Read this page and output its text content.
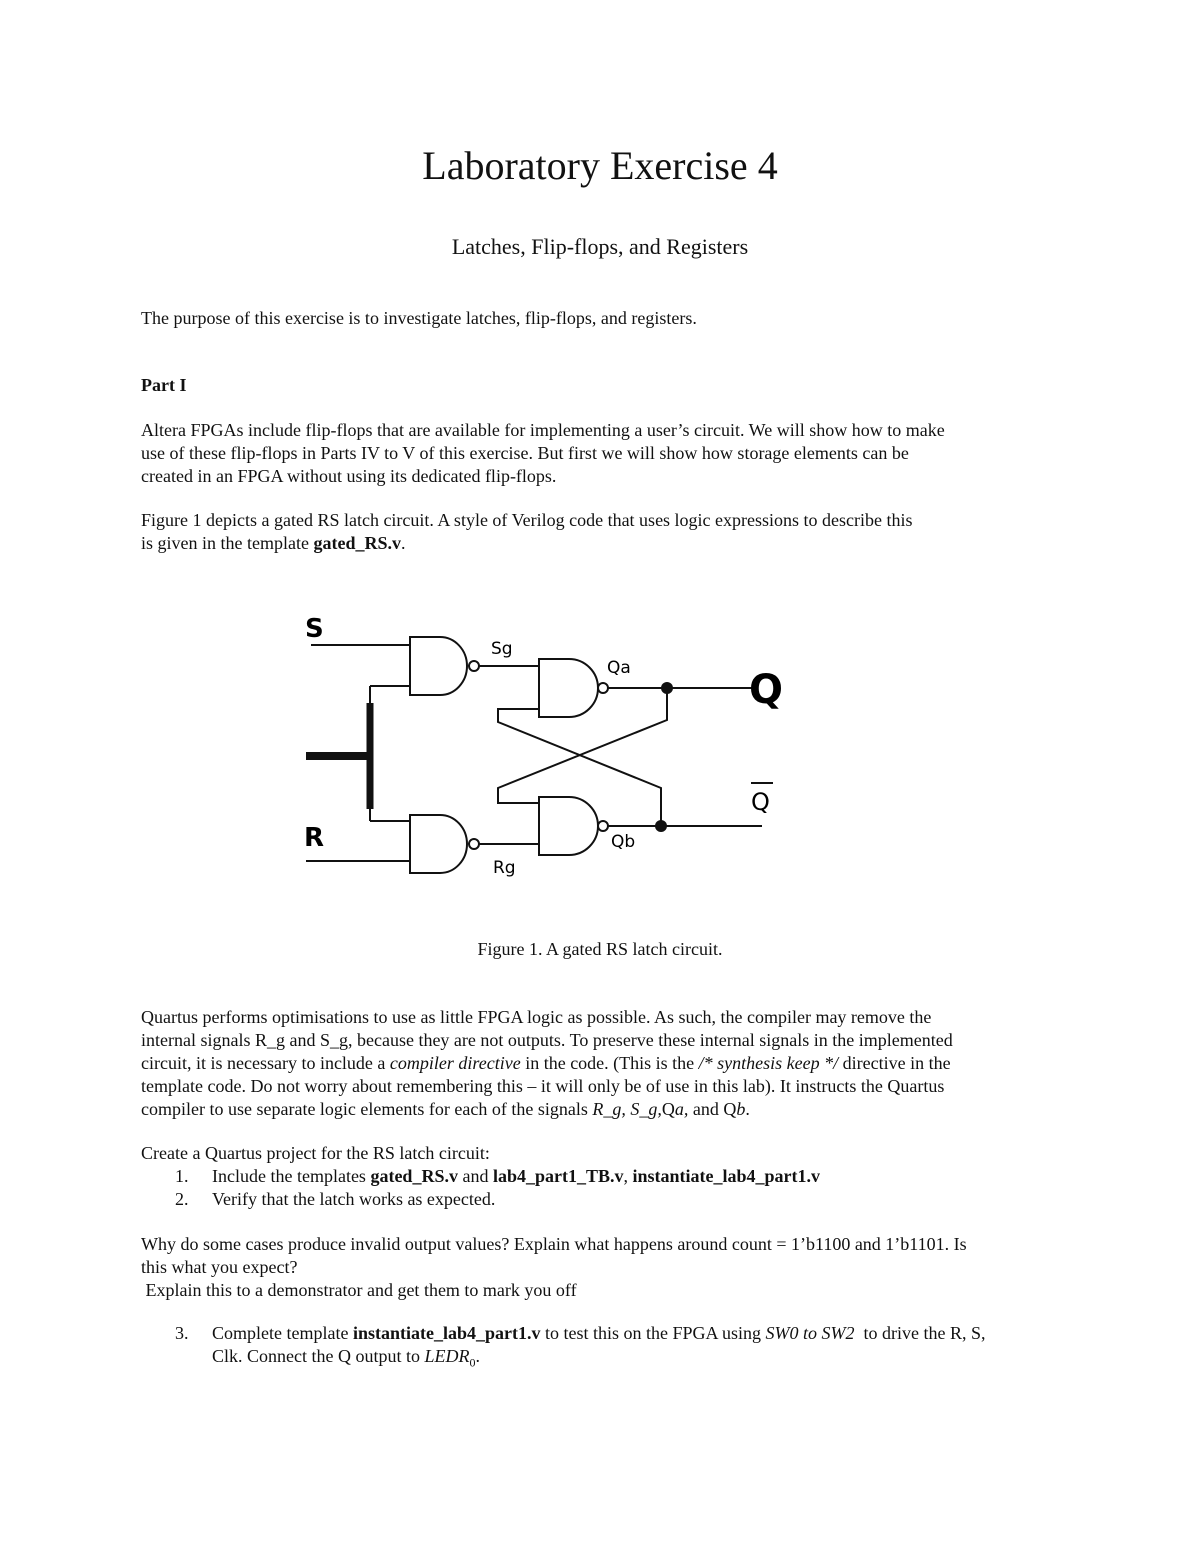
Laboratory Exercise 4
Latches, Flip-flops, and Registers
The purpose of this exercise is to investigate latches, flip-flops, and registers.
Part I
Altera FPGAs include flip-flops that are available for implementing a user’s circuit. We will show how to make
use of these flip-flops in Parts IV to V of this exercise. But first we will show how storage elements can be
created in an FPGA without using its dedicated flip-flops.
Figure 1 depicts a gated RS latch circuit. A style of Verilog code that uses logic expressions to describe this
is given in the template gated_RS.v.
S
R
Sg
Rg
Qa
Qb
Q
Q
Figure 1. A gated RS latch circuit.
Quartus performs optimisations to use as little FPGA logic as possible. As such, the compiler may remove the
internal signals R_g and S_g, because they are not outputs. To preserve these internal signals in the implemented
circuit, it is necessary to include a compiler directive in the code. (This is the /* synthesis keep */ directive in the
template code. Do not worry about remembering this – it will only be of use in this lab). It instructs the Quartus
compiler to use separate logic elements for each of the signals R_g, S_g,Qa, and Qb.
Create a Quartus project for the RS latch circuit:
1. Include the templates gated_RS.v and lab4_part1_TB.v, instantiate_lab4_part1.v
2. Verify that the latch works as expected.
Why do some cases produce invalid output values? Explain what happens around count = 1’b1100 and 1’b1101. Is
this what you expect?
Explain this to a demonstrator and get them to mark you off
3. Complete template instantiate_lab4_part1.v to test this on the FPGA using SW0 to SW2  to drive the R, S,
Clk. Connect the Q output to $LEDR_0$.
